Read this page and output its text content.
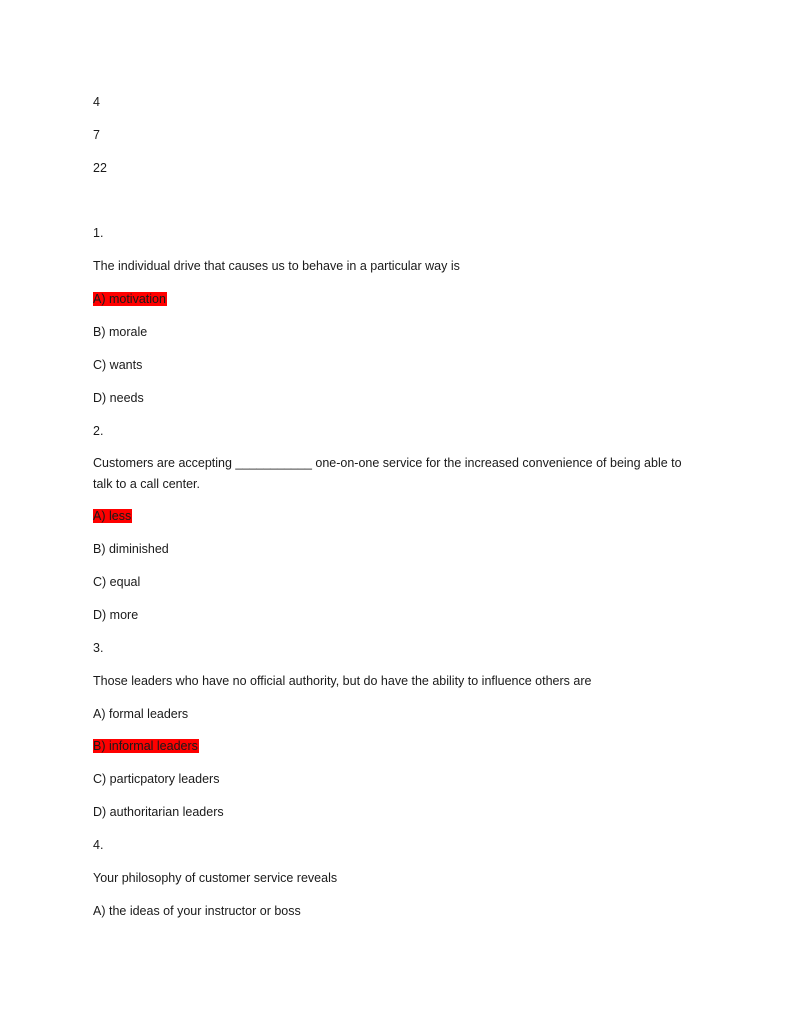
4
7
22
1.
The individual drive that causes us to behave in a particular way is
A) motivation
B) morale
C) wants
D) needs
2.
Customers are accepting ___________ one-on-one service for the increased convenience of being able to talk to a call center.
A) less
B) diminished
C) equal
D) more
3.
Those leaders who have no official authority, but do have the ability to influence others are
A) formal leaders
B) informal leaders
C) particpatory leaders
D) authoritarian leaders
4.
Your philosophy of customer service reveals
A) the ideas of your instructor or boss
